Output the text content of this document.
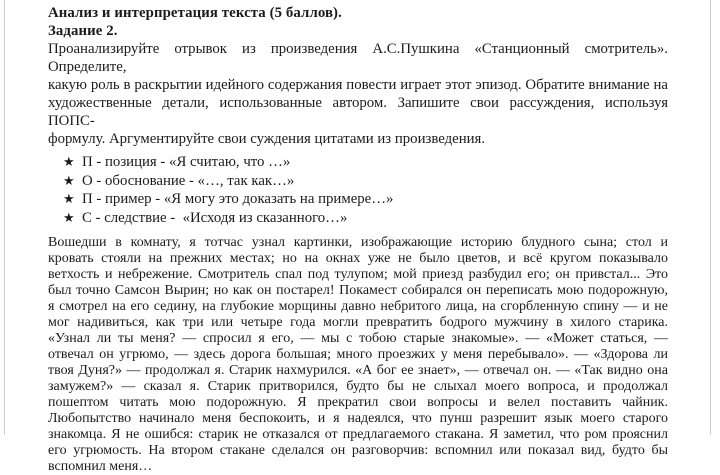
Анализ и интерпретация текста (5 баллов).
Задание 2.
Проанализируйте отрывок из произведения А.С.Пушкина «Станционный смотритель». Определите,
какую роль в раскрытии идейного содержания повести играет этот эпизод. Обратите внимание на
художественные детали, использованные автором. Запишите свои рассуждения, используя ПОПС-
формулу. Аргументируйте свои суждения цитатами из произведения.
★ П - позиция - «Я считаю, что …»
★ О - обоснование - «…, так как…»
★ П - пример - «Я могу это доказать на примере…»
★ С - следствие -  «Исходя из сказанного…»
Вошедши в комнату, я тотчас узнал картинки, изображающие историю блудного сына; стол и
кровать стояли на прежних местах; но на окнах уже не было цветов, и всё кругом показывало
ветхость и небрежение. Смотритель спал под тулупом; мой приезд разбудил его; он привстал... Это
был точно Самсон Вырин; но как он постарел! Покамест собирался он переписать мою подорожную,
я смотрел на его седину, на глубокие морщины давно небритого лица, на сгорбленную спину — и не
мог надивиться, как три или четыре года могли превратить бодрого мужчину в хилого старика.
«Узнал ли ты меня? — спросил я его, — мы с тобою старые знакомые». — «Может статься, —
отвечал он угрюмо, — здесь дорога большая; много проезжих у меня перебывало». — «Здорова ли
твоя Дуня?» — продолжал я. Старик нахмурился. «А бог ее знает», — отвечал он. — «Так видно она
замужем?» — сказал я. Старик притворился, будто бы не слыхал моего вопроса, и продолжал
пошептом читать мою подорожную. Я прекратил свои вопросы и велел поставить чайник.
Любопытство начинало меня беспокоить, и я надеялся, что пунш разрешит язык моего старого
знакомца. Я не ошибся: старик не отказался от предлагаемого стакана. Я заметил, что ром прояснил
его угрюмость. На втором стакане сделался он разговорчив: вспомнил или показал вид, будто бы
вспомнил меня…
